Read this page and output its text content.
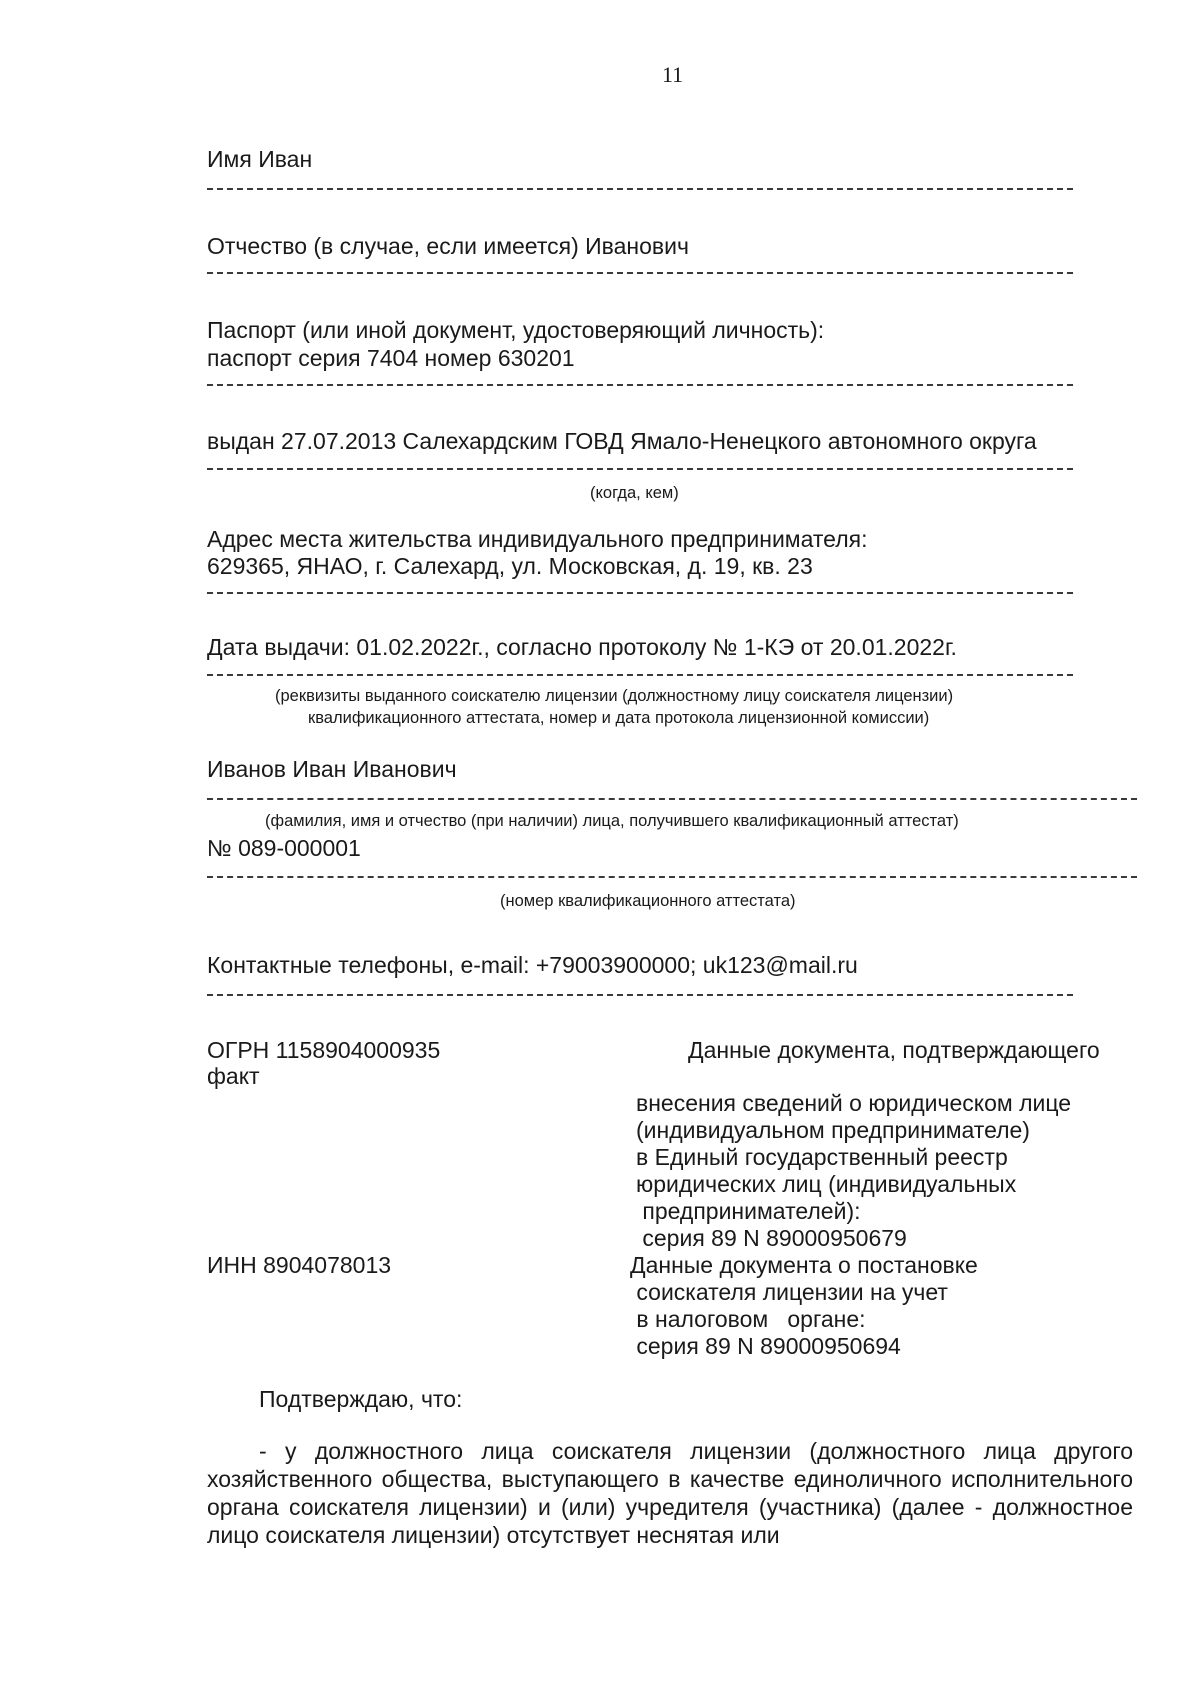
11
Имя Иван
Отчество (в случае, если имеется) Иванович
Паспорт (или иной документ, удостоверяющий личность):
паспорт серия 7404 номер 630201
выдан 27.07.2013 Салехардским ГОВД Ямало-Ненецкого автономного округа
(когда, кем)
Адрес места жительства индивидуального предпринимателя:
629365, ЯНАО, г. Салехард, ул. Московская, д. 19, кв. 23
Дата выдачи: 01.02.2022г., согласно протоколу № 1-КЭ от 20.01.2022г.
(реквизиты выданного соискателю лицензии (должностному лицу соискателя лицензии)
квалификационного аттестата, номер и дата протокола лицензионной комиссии)
Иванов Иван Иванович
(фамилия, имя и отчество (при наличии) лица, получившего квалификационный аттестат)
№ 089-000001
(номер квалификационного аттестата)
Контактные телефоны, e-mail: +79003900000; uk123@mail.ru
ОГРН 1158904000935
факт
Данные документа, подтверждающего
внесения сведений о юридическом лице
(индивидуальном предпринимателе)
в Единый государственный реестр
юридических лиц (индивидуальных
предпринимателей):
серия 89 N 89000950679
ИНН 8904078013	Данные документа о постановке
соискателя лицензии на учет
в налоговом   органе:
серия 89 N 89000950694
Подтверждаю, что:
- у должностного лица соискателя лицензии (должностного лица другого хозяйственного общества, выступающего в качестве единоличного исполнительного органа соискателя лицензии) и (или) учредителя (участника) (далее - должностное лицо соискателя лицензии) отсутствует неснятая или
